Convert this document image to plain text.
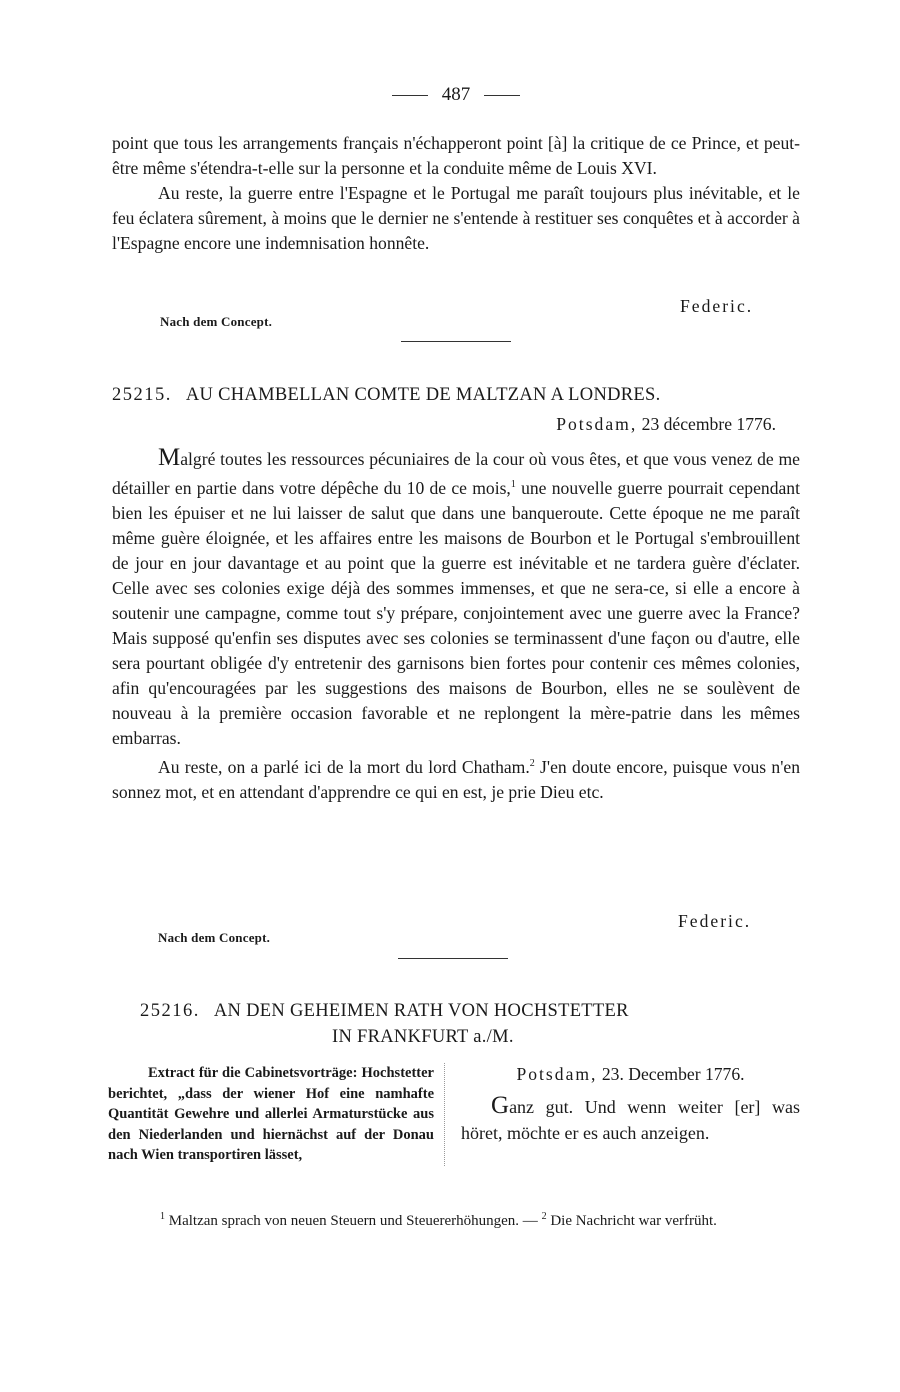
487

point que tous les arrangements français n'échapperont point [à] la critique de ce Prince, et peut-être même s'étendra-t-elle sur la personne et la conduite même de Louis XVI.

Au reste, la guerre entre l'Espagne et le Portugal me paraît toujours plus inévitable, et le feu éclatera sûrement, à moins que le dernier ne s'entende à restituer ses conquêtes et à accorder à l'Espagne encore une indemnisation honnête.

Federic.
Nach dem Concept.
25215. AU CHAMBELLAN COMTE DE MALTZAN A LONDRES.
Potsdam, 23 décembre 1776.

Malgré toutes les ressources pécuniaires de la cour où vous êtes, et que vous venez de me détailler en partie dans votre dépêche du 10 de ce mois,$^1$ une nouvelle guerre pourrait cependant bien les épuiser et ne lui laisser de salut que dans une banqueroute. Cette époque ne me paraît même guère éloignée, et les affaires entre les maisons de Bourbon et le Portugal s'embrouillent de jour en jour davantage et au point que la guerre est inévitable et ne tardera guère d'éclater. Celle avec ses colonies exige déjà des sommes immenses, et que ne sera-ce, si elle a encore à soutenir une campagne, comme tout s'y prépare, conjointement avec une guerre avec la France? Mais supposé qu'enfin ses disputes avec ses colonies se terminassent d'une façon ou d'autre, elle sera pourtant obligée d'y entretenir des garnisons bien fortes pour contenir ces mêmes colonies, afin qu'encouragées par les suggestions des maisons de Bourbon, elles ne se soulèvent de nouveau à la première occasion favorable et ne replongent la mère-patrie dans les mêmes embarras.

Au reste, on a parlé ici de la mort du lord Chatham.$^2$ J'en doute encore, puisque vous n'en sonnez mot, et en attendant d'apprendre ce qui en est, je prie Dieu etc.

Federic.
Nach dem Concept.
25216. AN DEN GEHEIMEN RATH VON HOCHSTETTER
IN FRANKFURT a./M.
Extract für die Cabinetsvorträge: Hochstetter berichtet, „dass der wiener Hof eine namhafte Quantität Gewehre und allerlei Armaturstücke aus den Niederlanden und hiernächst auf der Donau nach Wien transportiren lässet,
Potsdam, 23. December 1776.

Ganz gut. Und wenn weiter [er] was höret, möchte er es auch anzeigen.

$^1$ Maltzan sprach von neuen Steuern und Steuererhöhungen. — $^2$ Die Nachricht war verfrüht.
